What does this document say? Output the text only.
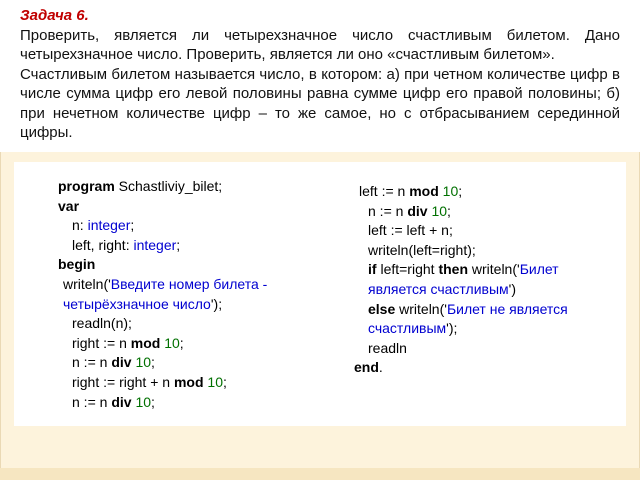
Задача 6.

Проверить, является ли четырехзначное число счастливым билетом. Дано четырехзначное число. Проверить, является ли оно «счастливым билетом».

Счастливым билетом называется число, в котором: а) при четном количестве цифр в числе сумма цифр его левой половины равна сумме цифр его правой половины; б) при нечетном количестве цифр – то же самое, но с отбрасыванием серединной цифры.

program Schastliviy_bilet;
var
n: integer;
left, right: integer;
begin
writeln('Введите номер билета - четырёхзначное число');
readln(n);
right := n mod 10;
n := n div 10;
right := right + n mod 10;
n := n div 10;
left := n mod 10;
n := n div 10;
left := left + n;
writeln(left=right);
if left=right then writeln('Билет является счастливым')
else writeln('Билет не является счастливым');
readln
end.
